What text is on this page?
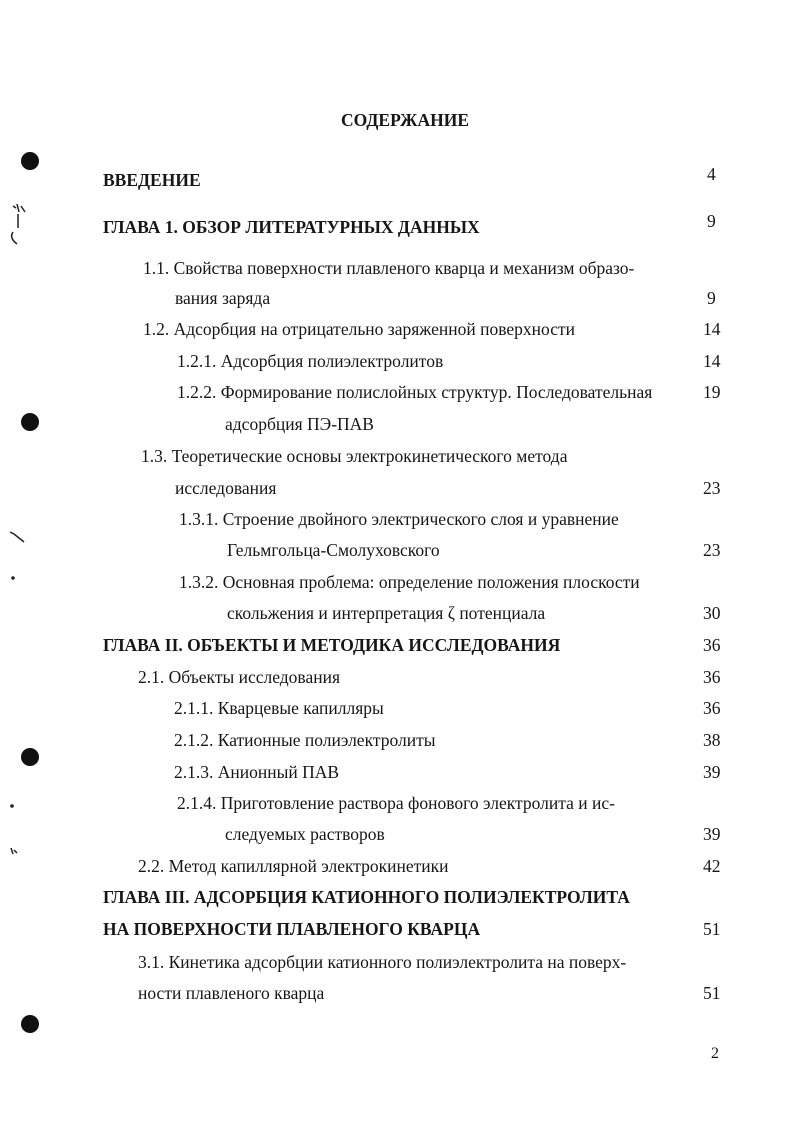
СОДЕРЖАНИЕ
ВВЕДЕНИЕ	4
ГЛАВА 1. ОБЗОР ЛИТЕРАТУРНЫХ ДАННЫХ	9
1.1. Свойства поверхности плавленого кварца и механизм образо-
вания заряда	9
1.2. Адсорбция на отрицательно заряженной поверхности	14
1.2.1. Адсорбция полиэлектролитов	14
1.2.2. Формирование полислойных структур. Последовательная	19
адсорбция ПЭ-ПАВ
1.3. Теоретические основы электрокинетического метода
исследования	23
1.3.1. Строение двойного электрического слоя и уравнение
Гельмгольца-Смолуховского	23
1.3.2. Основная проблема: определение положения плоскости
скольжения и интерпретация ζ потенциала	30
ГЛАВА II. ОБЪЕКТЫ И МЕТОДИКА ИССЛЕДОВАНИЯ	36
2.1. Объекты исследования	36
2.1.1. Кварцевые капилляры	36
2.1.2. Катионные полиэлектролиты	38
2.1.3. Анионный ПАВ	39
2.1.4. Приготовление раствора фонового электролита и ис-
следуемых растворов	39
2.2. Метод капиллярной электрокинетики	42
ГЛАВА III. АДСОРБЦИЯ КАТИОННОГО ПОЛИЭЛЕКТРОЛИТА
НА ПОВЕРХНОСТИ ПЛАВЛЕНОГО КВАРЦА	51
3.1. Кинетика адсорбции катионного полиэлектролита на поверх-
ности плавленого кварца	51
2
